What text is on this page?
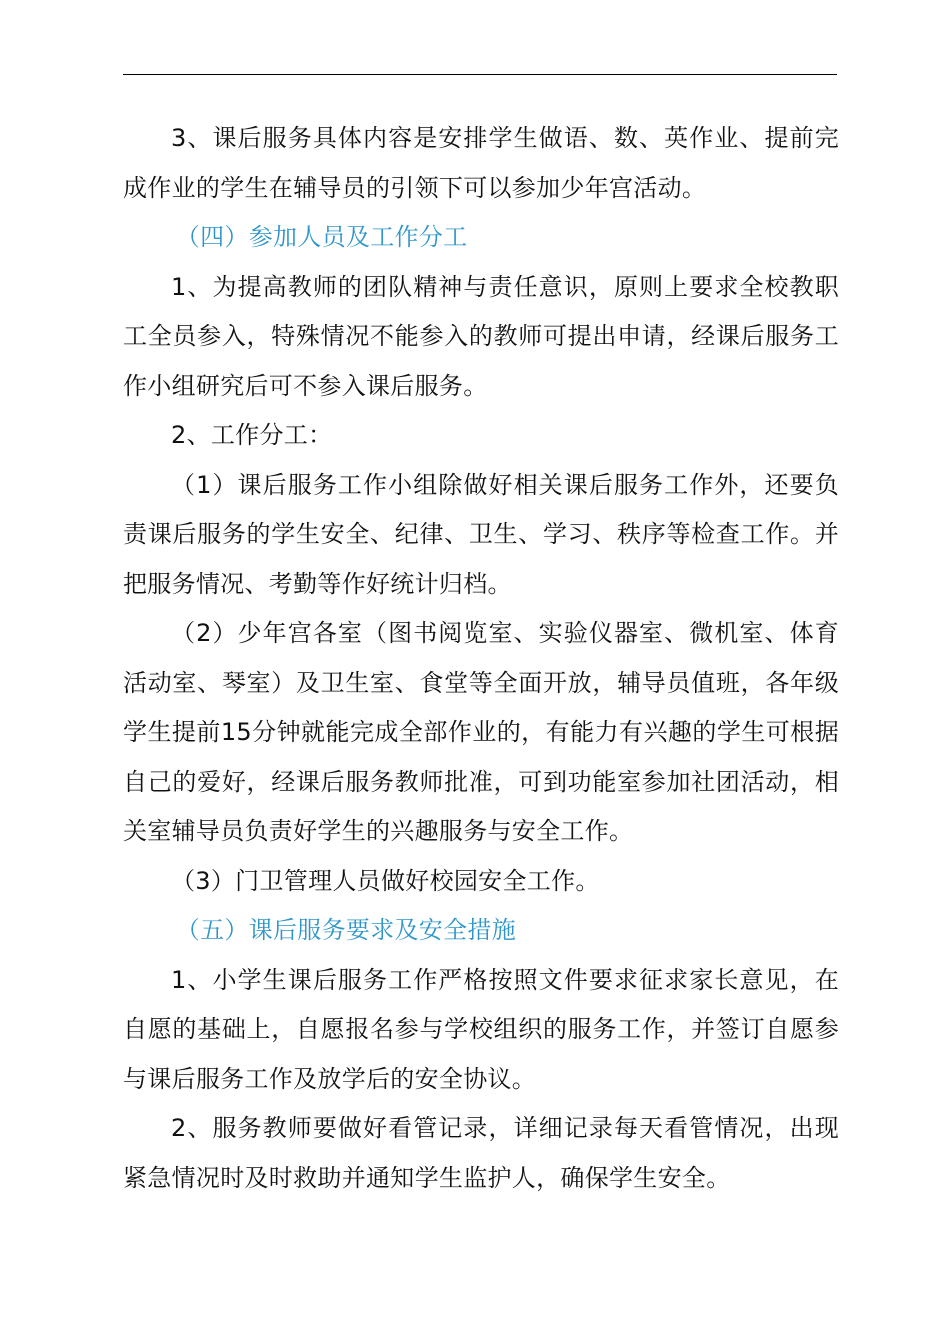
3、课后服务具体内容是安排学生做语、数、英作业、提前完成作业的学生在辅导员的引领下可以参加少年宫活动。

（四）参加人员及工作分工

1、为提高教师的团队精神与责任意识，原则上要求全校教职工全员参入，特殊情况不能参入的教师可提出申请，经课后服务工作小组研究后可不参入课后服务。

2、工作分工：

（1）课后服务工作小组除做好相关课后服务工作外，还要负责课后服务的学生安全、纪律、卫生、学习、秩序等检查工作。并把服务情况、考勤等作好统计归档。

（2）少年宫各室（图书阅览室、实验仪器室、微机室、体育活动室、琴室）及卫生室、食堂等全面开放，辅导员值班，各年级学生提前15分钟就能完成全部作业的，有能力有兴趣的学生可根据自己的爱好，经课后服务教师批准，可到功能室参加社团活动，相关室辅导员负责好学生的兴趣服务与安全工作。

（3）门卫管理人员做好校园安全工作。

（五）课后服务要求及安全措施

1、小学生课后服务工作严格按照文件要求征求家长意见，在自愿的基础上，自愿报名参与学校组织的服务工作，并签订自愿参与课后服务工作及放学后的安全协议。

2、服务教师要做好看管记录，详细记录每天看管情况，出现紧急情况时及时救助并通知学生监护人，确保学生安全。
